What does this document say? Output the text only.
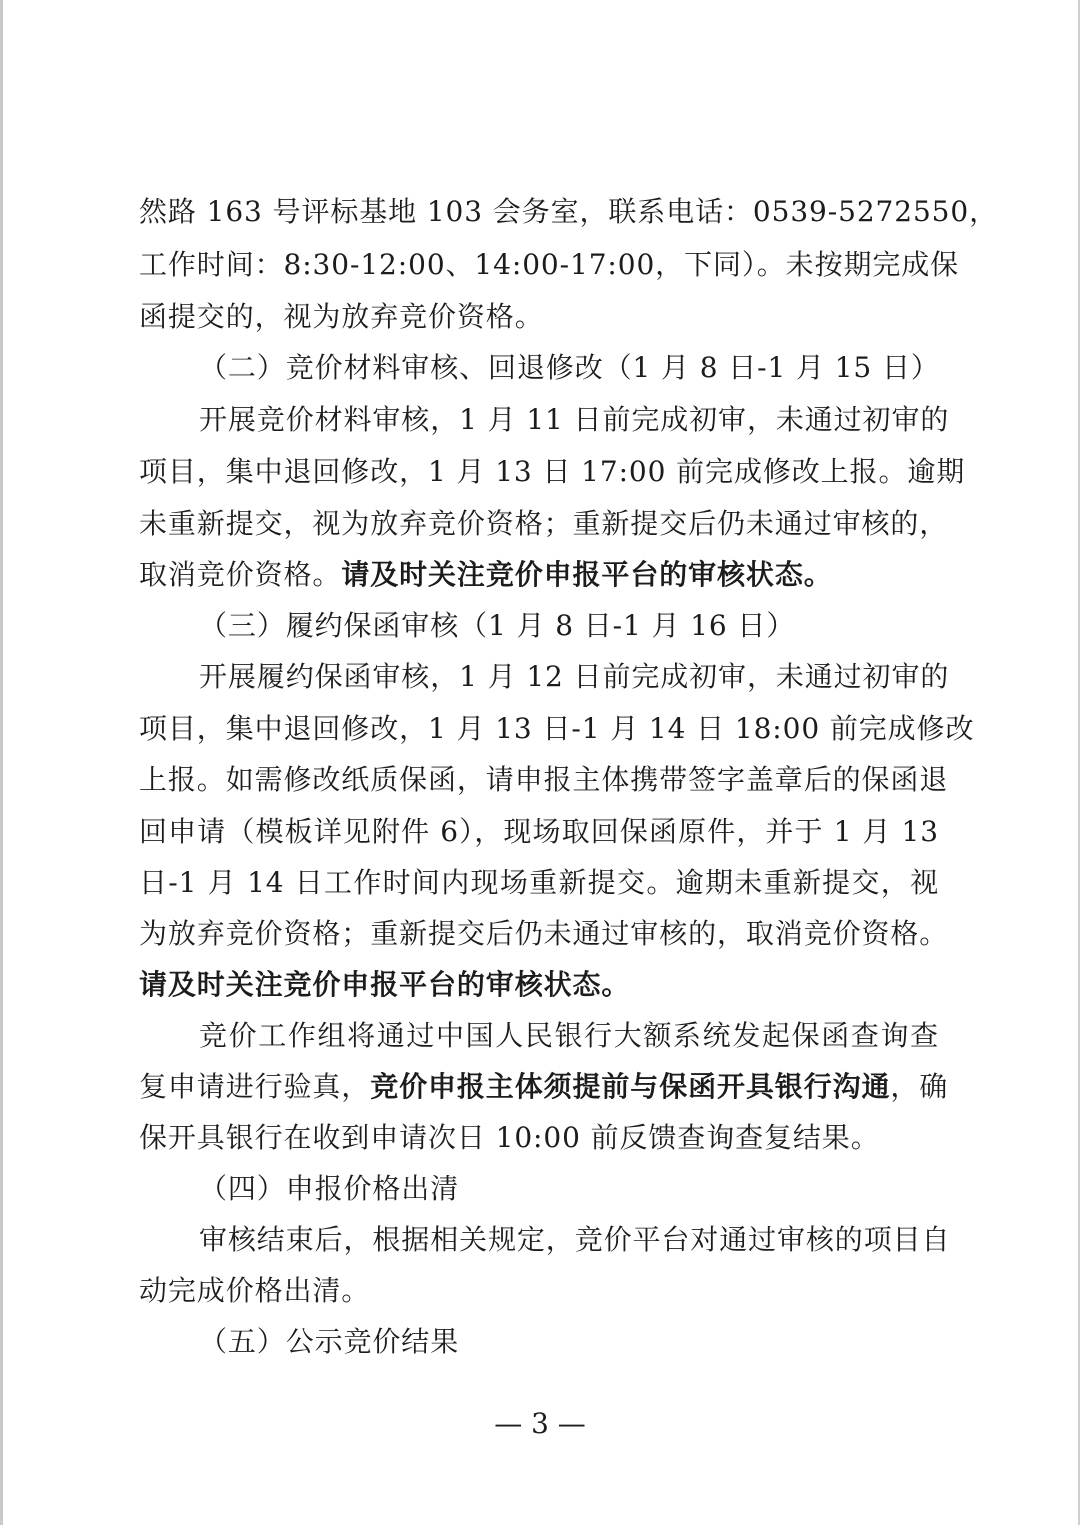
然路 163 号评标基地 103 会务室，联系电话：0539-5272550，
工作时间：8:30-12:00、14:00-17:00，下同）。未按期完成保
函提交的，视为放弃竞价资格。
（二）竞价材料审核、回退修改（1 月 8 日-1 月 15 日）
开展竞价材料审核，1 月 11 日前完成初审，未通过初审的
项目，集中退回修改，1 月 13 日 17:00 前完成修改上报。逾期
未重新提交，视为放弃竞价资格；重新提交后仍未通过审核的，
取消竞价资格。请及时关注竞价申报平台的审核状态。
（三）履约保函审核（1 月 8 日-1 月 16 日）
开展履约保函审核，1 月 12 日前完成初审，未通过初审的
项目，集中退回修改，1 月 13 日-1 月 14 日 18:00 前完成修改
上报。如需修改纸质保函，请申报主体携带签字盖章后的保函退
回申请（模板详见附件 6），现场取回保函原件，并于 1 月 13
日-1 月 14 日工作时间内现场重新提交。逾期未重新提交，视
为放弃竞价资格；重新提交后仍未通过审核的，取消竞价资格。
请及时关注竞价申报平台的审核状态。
竞价工作组将通过中国人民银行大额系统发起保函查询查
复申请进行验真，竞价申报主体须提前与保函开具银行沟通，确
保开具银行在收到申请次日 10:00 前反馈查询查复结果。
（四）申报价格出清
审核结束后，根据相关规定，竞价平台对通过审核的项目自
动完成价格出清。
（五）公示竞价结果
— 3 —
